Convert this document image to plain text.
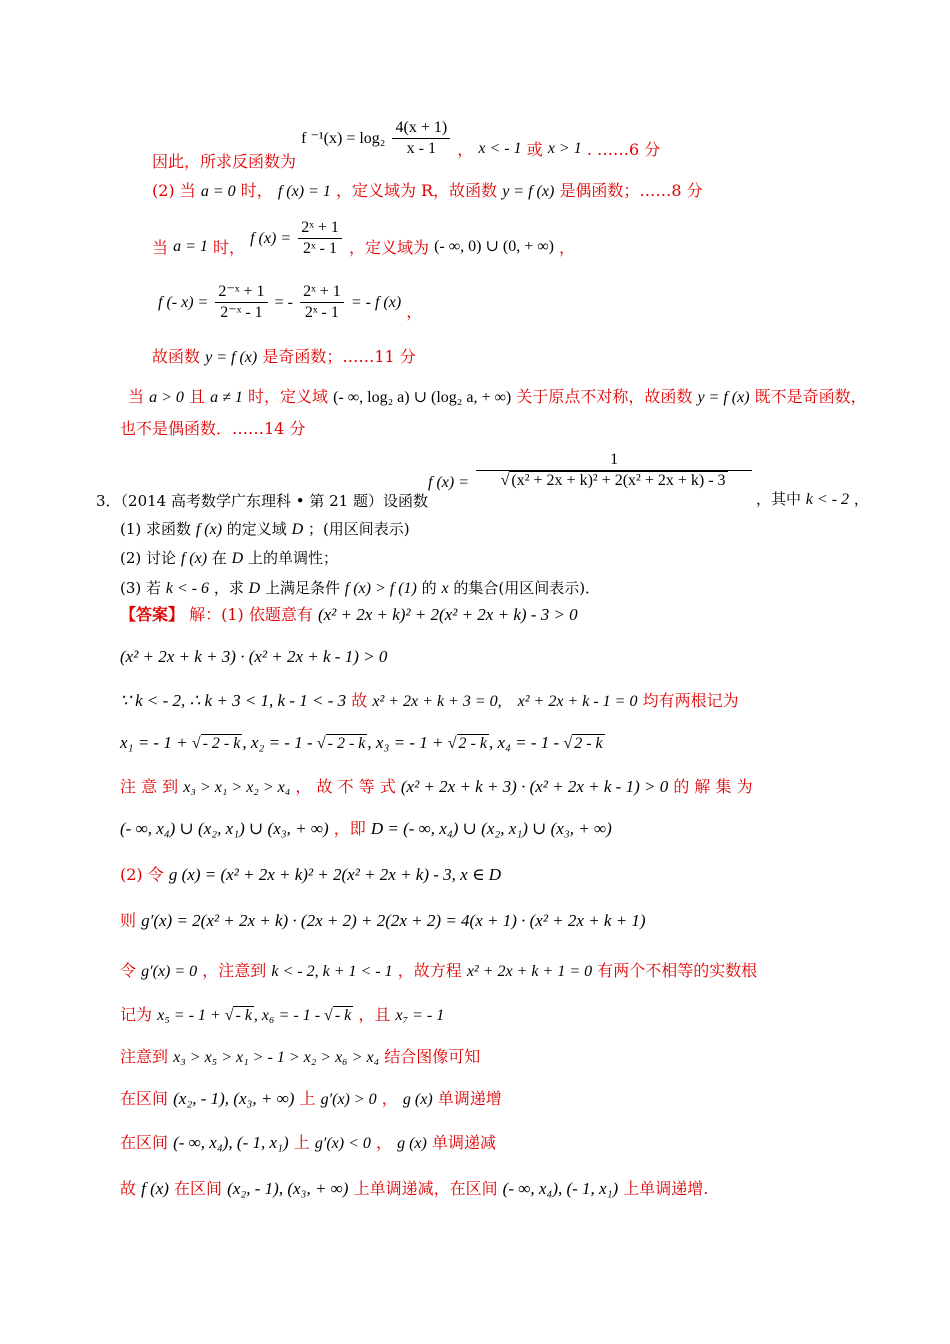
因此，所求反函数为 f $^{-1}(x) = \log_2 \frac{4(x + 1)}{x - 1}$ ， x < - 1 或 x > 1 . ……6 分
(2) 当 a = 0 时， f (x) = 1 ，定义域为 R，故函数 y = f (x) 是偶函数；……8 分
当 a = 1 时， f $(x) = \frac{\text{2ˣ + 1}}{\text{2ˣ - 1}}$ ，定义域为 (- ∞, 0) ∪ (0, + ∞) ，
f (- $x) = \frac{\text{2⁻ˣ + 1}}{\text{2⁻ˣ - 1}}$ = - $\frac{\text{2ˣ + 1}}{\text{2ˣ - 1}}$ = - f (x) ，
故函数 y = f (x) 是奇函数；……11 分
当 a > 0 且 a ≠ 1 时，定义域 (- ∞, log₂ a) ∪ (log₂ a, + ∞) 关于原点不对称，故函数 y = f (x) 既不是奇函数，
也不是偶函数．……14 分
f $(x) = \frac{1}{\text{√ (x² + 2x + k)² + 2(x² + 2x + k) - 3}}$
3．（2014 高考数学广东理科 • 第 21 题）设函数	，其中 k < - 2 ，
(1) 求函数 f (x) 的定义域 D ；(用区间表示)
(2) 讨论 f (x) 在 D 上的单调性；
(3) 若 k < - 6 ，求 D 上满足条件 f (x) > f (1) 的 x 的集合(用区间表示)．
【答案】 解：(1) 依题意有 (x² + 2x + k)² + 2(x² + 2x + k) - 3 > 0
(x² + 2x + k + 3) · (x² + 2x + k - 1) > 0
∵ k < - 2, ∴ k + 3 < 1, k - 1 < - 3 故 x² + 2x + k + 3 = 0,　x² + 2x + k - 1 = 0 均有两根记为
x₁ = - 1 + √ - 2 - k , x₂ = - 1 - √ - 2 - k , x₃ = - 1 + √ 2 - k , x₄ = - 1 - √ 2 - k
注 意 到 x₃ > x₁ > x₂ > x₄ ， 故 不 等 式 (x² + 2x + k + 3) · (x² + 2x + k - 1) > 0 的 解 集 为
(- ∞, x₄) ∪ (x₂, x₁) ∪ (x₃, + ∞) ，即 D = (- ∞, x₄) ∪ (x₂, x₁) ∪ (x₃, + ∞)
(2) 令 g (x) = (x² + 2x + k)² + 2(x² + 2x + k) - 3, x ∈ D
则 g′(x) = 2(x² + 2x + k) · (2x + 2) + 2(2x + 2) = 4(x + 1) · (x² + 2x + k + 1)
令 g′(x) = 0 ，注意到 k < - 2, k + 1 < - 1 ，故方程 x² + 2x + k + 1 = 0 有两个不相等的实数根
记为 x₅ = - 1 + √ - k , x₆ = - 1 - √ - k ，且 x₇ = - 1
注意到 x₃ > x₅ > x₁ > - 1 > x₂ > x₆ > x₄ 结合图像可知
在区间 (x₂, - 1), (x₃, + ∞) 上 g′(x) > 0 ， g (x) 单调递增
在区间 (- ∞, x₄), (- 1, x₁) 上 g′(x) < 0 ， g (x) 单调递减
故 f (x) 在区间 (x₂, - 1), (x₃, + ∞) 上单调递减，在区间 (- ∞, x₄), (- 1, x₁) 上单调递增.
